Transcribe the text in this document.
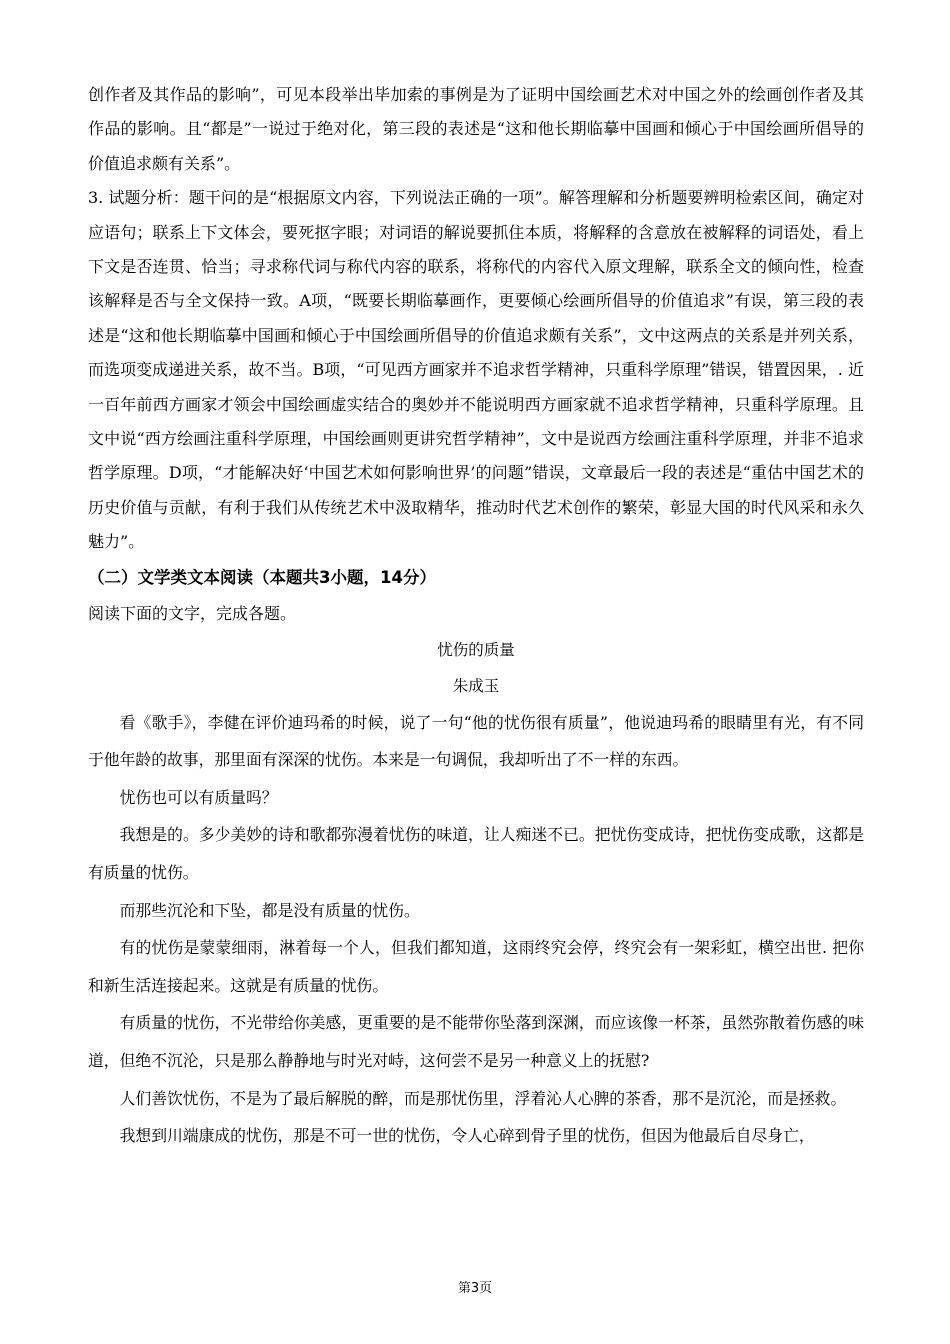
创作者及其作品的影响”，可见本段举出毕加索的事例是为了证明中国绘画艺术对中国之外的绘画创作者及其作品的影响。且“都是”一说过于绝对化，第三段的表述是“这和他长期临摹中国画和倾心于中国绘画所倡导的价值追求颇有关系”。

3. 试题分析：题干问的是“根据原文内容，下列说法正确的一项”。解答理解和分析题要辨明检索区间，确定对应语句；联系上下文体会，要死抠字眼；对词语的解说要抓住本质，将解释的含意放在被解释的词语处，看上下文是否连贯、恰当；寻求称代词与称代内容的联系，将称代的内容代入原文理解，联系全文的倾向性，检查该解释是否与全文保持一致。A项，“既要长期临摹画作，更要倾心绘画所倡导的价值追求”有误，第三段的表述是“这和他长期临摹中国画和倾心于中国绘画所倡导的价值追求颇有关系”，文中这两点的关系是并列关系，而选项变成递进关系，故不当。B项，“可见西方画家并不追求哲学精神，只重科学原理”错误，错置因果，. 近一百年前西方画家才领会中国绘画虚实结合的奥妙并不能说明西方画家就不追求哲学精神，只重科学原理。且文中说“西方绘画注重科学原理，中国绘画则更讲究哲学精神”，文中是说西方绘画注重科学原理，并非不追求哲学原理。D项，“才能解决好‘中国艺术如何影响世界’的问题”错误，文章最后一段的表述是“重估中国艺术的历史价值与贡献，有利于我们从传统艺术中汲取精华，推动时代艺术创作的繁荣，彰显大国的时代风采和永久魅力”。

（二）文学类文本阅读（本题共3小题，14分）

阅读下面的文字，完成各题。

忧伤的质量

朱成玉

看《歌手》，李健在评价迪玛希的时候，说了一句“他的忧伤很有质量”，他说迪玛希的眼睛里有光，有不同于他年龄的故事，那里面有深深的忧伤。本来是一句调侃，我却听出了不一样的东西。

忧伤也可以有质量吗？

我想是的。多少美妙的诗和歌都弥漫着忧伤的味道，让人痴迷不已。把忧伤变成诗，把忧伤变成歌，这都是有质量的忧伤。

而那些沉沦和下坠，都是没有质量的忧伤。

有的忧伤是蒙蒙细雨，淋着每一个人，但我们都知道，这雨终究会停，终究会有一架彩虹，横空出世. 把你和新生活连接起来。这就是有质量的忧伤。

有质量的忧伤，不光带给你美感，更重要的是不能带你坠落到深渊，而应该像一杯茶，虽然弥散着伤感的味道，但绝不沉沦，只是那么静静地与时光对峙，这何尝不是另一种意义上的抚慰?

人们善饮忧伤，不是为了最后解脱的醉，而是那忧伤里，浮着沁人心脾的茶香，那不是沉沦，而是拯救。

我想到川端康成的忧伤，那是不可一世的忧伤，令人心碎到骨子里的忧伤，但因为他最后自尽身亡，

第3页
